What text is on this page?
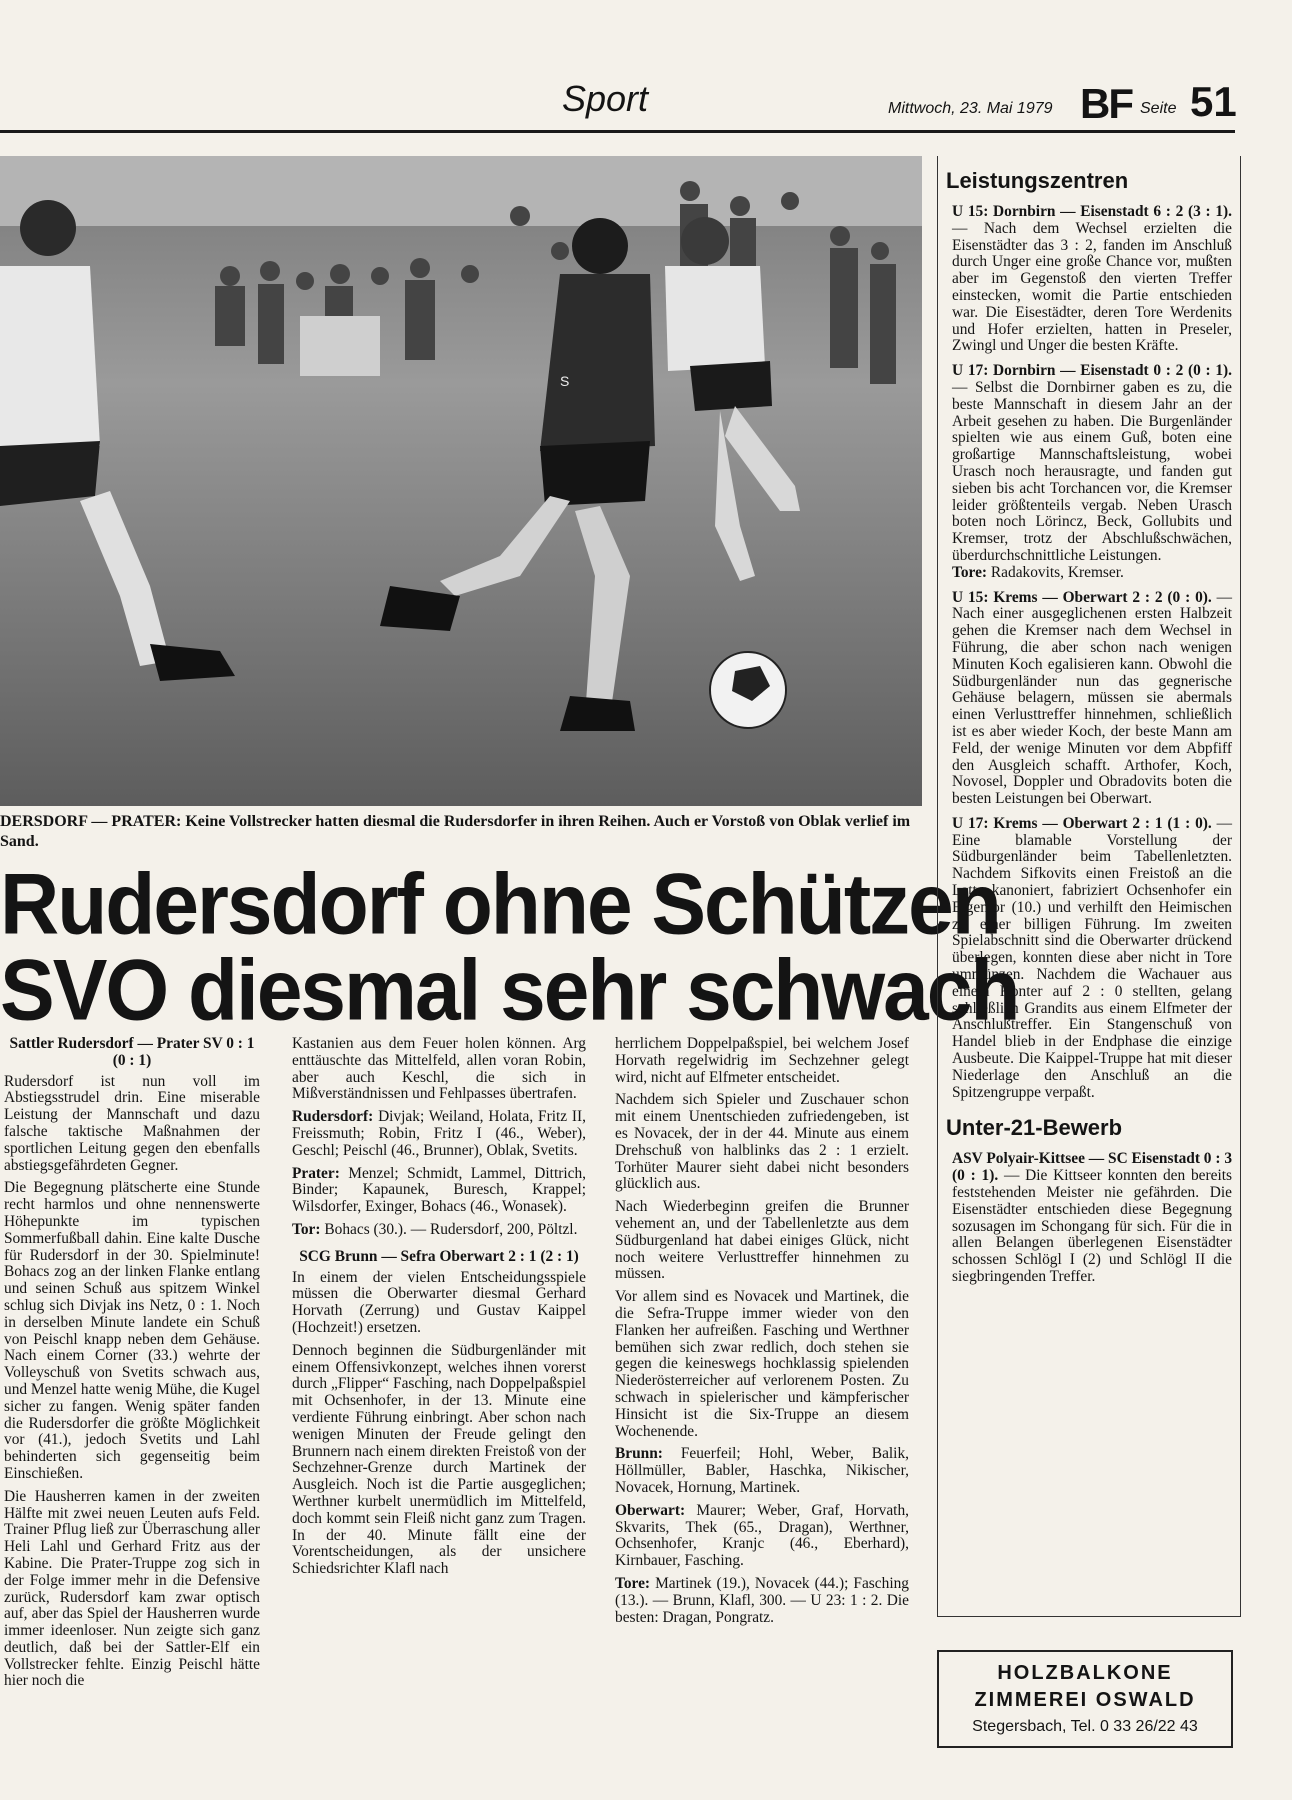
Sport	Mittwoch, 23. Mai 1979 BF Seite 51
S
DERSDORF — PRATER: Keine Vollstrecker hatten diesmal die Rudersdorfer in ihren Reihen. Auch er Vorstoß von Oblak verlief im Sand.
Rudersdorf ohne Schützen
SVO diesmal sehr schwach

Sattler Rudersdorf — Prater SV 0 : 1 (0 : 1)

Rudersdorf ist nun voll im Abstiegsstrudel drin. Eine miserable Leistung der Mannschaft und dazu falsche taktische Maßnahmen der sportlichen Leitung gegen den ebenfalls abstiegsgefährdeten Gegner.

Die Begegnung plätscherte eine Stunde recht harmlos und ohne nennenswerte Höhepunkte im typischen Sommerfußball dahin. Eine kalte Dusche für Rudersdorf in der 30. Spielminute! Bohacs zog an der linken Flanke entlang und seinen Schuß aus spitzem Winkel schlug sich Divjak ins Netz, 0 : 1. Noch in derselben Minute landete ein Schuß von Peischl knapp neben dem Gehäuse. Nach einem Corner (33.) wehrte der Volleyschuß von Svetits schwach aus, und Menzel hatte wenig Mühe, die Kugel sicher zu fangen. Wenig später fanden die Rudersdorfer die größte Möglichkeit vor (41.), jedoch Svetits und Lahl behinderten sich gegenseitig beim Einschießen.

Die Hausherren kamen in der zweiten Hälfte mit zwei neuen Leuten aufs Feld. Trainer Pflug ließ zur Überraschung aller Heli Lahl und Gerhard Fritz aus der Kabine. Die Prater-Truppe zog sich in der Folge immer mehr in die Defensive zurück, Rudersdorf kam zwar optisch auf, aber das Spiel der Hausherren wurde immer ideenloser. Nun zeigte sich ganz deutlich, daß bei der Sattler-Elf ein Vollstrecker fehlte. Einzig Peischl hätte hier noch die

Kastanien aus dem Feuer holen können. Arg enttäuschte das Mittelfeld, allen voran Robin, aber auch Keschl, die sich in Mißverständnissen und Fehlpasses übertrafen.

Rudersdorf: Divjak; Weiland, Holata, Fritz II, Freissmuth; Robin, Fritz I (46., Weber), Geschl; Peischl (46., Brunner), Oblak, Svetits.

Prater: Menzel; Schmidt, Lammel, Dittrich, Binder; Kapaunek, Buresch, Krappel; Wilsdorfer, Exinger, Bohacs (46., Wonasek).

Tor: Bohacs (30.). — Rudersdorf, 200, Pöltzl.

SCG Brunn — Sefra Oberwart 2 : 1 (2 : 1)

In einem der vielen Entscheidungsspiele müssen die Oberwarter diesmal Gerhard Horvath (Zerrung) und Gustav Kaippel (Hochzeit!) ersetzen.

Dennoch beginnen die Südburgenländer mit einem Offensivkonzept, welches ihnen vorerst durch „Flipper“ Fasching, nach Doppelpaßspiel mit Ochsenhofer, in der 13. Minute eine verdiente Führung einbringt. Aber schon nach wenigen Minuten der Freude gelingt den Brunnern nach einem direkten Freistoß von der Sechzehner-Grenze durch Martinek der Ausgleich. Noch ist die Partie ausgeglichen; Werthner kurbelt unermüdlich im Mittelfeld, doch kommt sein Fleiß nicht ganz zum Tragen. In der 40. Minute fällt eine der Vorentscheidungen, als der unsichere Schiedsrichter Klafl nach

herrlichem Doppelpaßspiel, bei welchem Josef Horvath regelwidrig im Sechzehner gelegt wird, nicht auf Elfmeter entscheidet.

Nachdem sich Spieler und Zuschauer schon mit einem Unentschieden zufriedengeben, ist es Novacek, der in der 44. Minute aus einem Drehschuß von halblinks das 2 : 1 erzielt. Torhüter Maurer sieht dabei nicht besonders glücklich aus.

Nach Wiederbeginn greifen die Brunner vehement an, und der Tabellenletzte aus dem Südburgenland hat dabei einiges Glück, nicht noch weitere Verlusttreffer hinnehmen zu müssen.

Vor allem sind es Novacek und Martinek, die die Sefra-Truppe immer wieder von den Flanken her aufreißen. Fasching und Werthner bemühen sich zwar redlich, doch stehen sie gegen die keineswegs hochklassig spielenden Niederösterreicher auf verlorenem Posten. Zu schwach in spielerischer und kämpferischer Hinsicht ist die Six-Truppe an diesem Wochenende.

Brunn: Feuerfeil; Hohl, Weber, Balik, Höllmüller, Babler, Haschka, Nikischer, Novacek, Hornung, Martinek.

Oberwart: Maurer; Weber, Graf, Horvath, Skvarits, Thek (65., Dragan), Werthner, Ochsenhofer, Kranjc (46., Eberhard), Kirnbauer, Fasching.

Tore: Martinek (19.), Novacek (44.); Fasching (13.). — Brunn, Klafl, 300. — U 23: 1 : 2. Die besten: Dragan, Pongratz.

Leistungszentren

U 15: Dornbirn — Eisenstadt 6 : 2 (3 : 1). — Nach dem Wechsel erzielten die Eisenstädter das 3 : 2, fanden im Anschluß durch Unger eine große Chance vor, mußten aber im Gegenstoß den vierten Treffer einstecken, womit die Partie entschieden war. Die Eisestädter, deren Tore Werdenits und Hofer erzielten, hatten in Preseler, Zwingl und Unger die besten Kräfte.

U 17: Dornbirn — Eisenstadt 0 : 2 (0 : 1). — Selbst die Dornbirner gaben es zu, die beste Mannschaft in diesem Jahr an der Arbeit gesehen zu haben. Die Burgenländer spielten wie aus einem Guß, boten eine großartige Mannschaftsleistung, wobei Urasch noch herausragte, und fanden gut sieben bis acht Torchancen vor, die Kremser leider größtenteils vergab. Neben Urasch boten noch Lörincz, Beck, Gollubits und Kremser, trotz der Abschlußschwächen, überdurchschnittliche Leistungen.
Tore: Radakovits, Kremser.

U 15: Krems — Oberwart 2 : 2 (0 : 0). — Nach einer ausgeglichenen ersten Halbzeit gehen die Kremser nach dem Wechsel in Führung, die aber schon nach wenigen Minuten Koch egalisieren kann. Obwohl die Südburgenländer nun das gegnerische Gehäuse belagern, müssen sie abermals einen Verlusttreffer hinnehmen, schließlich ist es aber wieder Koch, der beste Mann am Feld, der wenige Minuten vor dem Abpfiff den Ausgleich schafft. Arthofer, Koch, Novosel, Doppler und Obradovits boten die besten Leistungen bei Oberwart.

U 17: Krems — Oberwart 2 : 1 (1 : 0). — Eine blamable Vorstellung der Südburgenländer beim Tabellenletzten. Nachdem Sifkovits einen Freistoß an die Latte kanoniert, fabriziert Ochsenhofer ein Eigentor (10.) und verhilft den Heimischen zu einer billigen Führung. Im zweiten Spielabschnitt sind die Oberwarter drückend überlegen, konnten diese aber nicht in Tore ummünzen. Nachdem die Wachauer aus einem Konter auf 2 : 0 stellten, gelang schließlich Grandits aus einem Elfmeter der Anschlußtreffer. Ein Stangenschuß von Handel blieb in der Endphase die einzige Ausbeute. Die Kaippel-Truppe hat mit dieser Niederlage den Anschluß an die Spitzengruppe verpaßt.

Unter-21-Bewerb

ASV Polyair-Kittsee — SC Eisenstadt 0 : 3 (0 : 1). — Die Kittseer konnten den bereits feststehenden Meister nie gefährden. Die Eisenstädter entschieden diese Begegnung sozusagen im Schongang für sich. Für die in allen Belangen überlegenen Eisenstädter schossen Schlögl I (2) und Schlögl II die siegbringenden Treffer.

HOLZBALKONE
ZIMMEREI OSWALD
Stegersbach, Tel. 0 33 26/22 43
